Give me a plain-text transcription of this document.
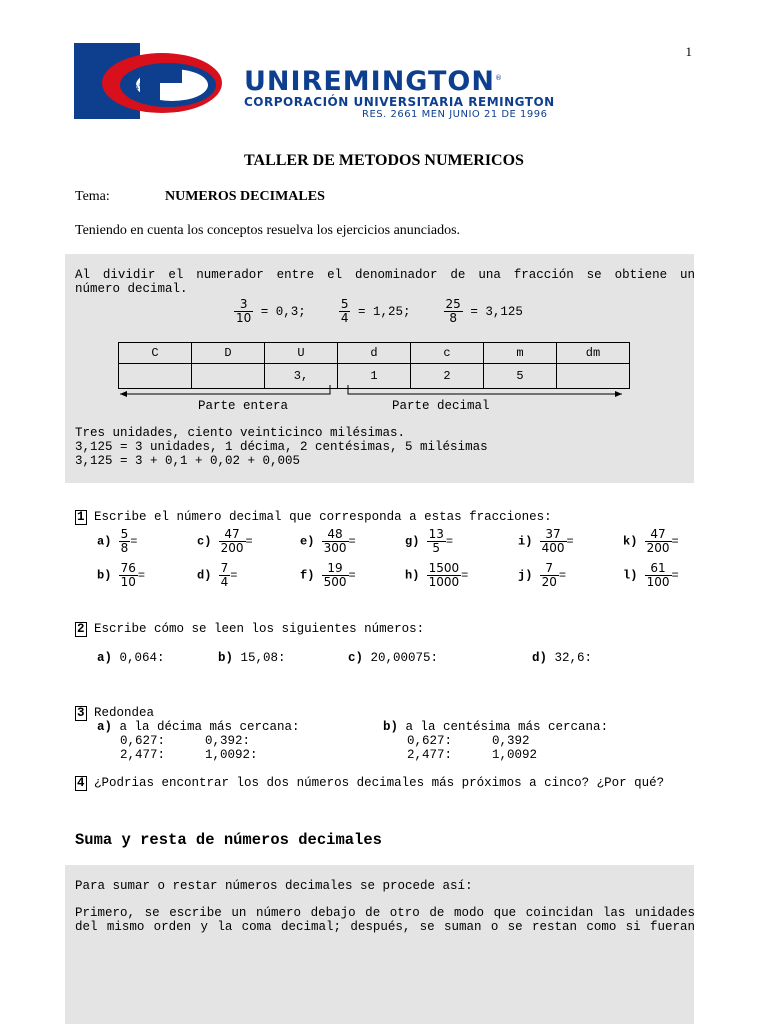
1
1915	UNIREMINGTON®
CORPORACIÓN UNIVERSITARIA REMINGTON
RES. 2661 MEN JUNIO 21 DE 1996
TALLER DE METODOS NUMERICOS
Tema:	NUMEROS DECIMALES
Teniendo en cuenta los conceptos resuelva los ejercicios anunciados.
Al dividir el numerador entre el denominador de una fracción se obtiene un
número decimal.
$\frac{3}{10} = 0,3$;	$\frac{5}{4} = 1,25$;	$\frac{25}{8} = 3,125$
C	D	U	d	c	m	dm
		3,	1	2	5	
Parte entera	Parte decimal
Tres unidades, ciento veinticinco milésimas.
3,125 = 3 unidades, 1 décima, 2 centésimas, 5 milésimas
3,125 = 3 + 0,1 + 0,02 + 0,005
1 Escribe el número decimal que corresponda a estas fracciones:
$a) \frac{5}{8}$ =	$c) \frac{47}{200}$ =	$e) \frac{48}{300}$ =	$g) \frac{13}{5}$ =	$i) \frac{37}{400}$ =	$k) \frac{47}{200}$ =
$b) \frac{76}{10}$ =	$d) \frac{7}{4}$ =	$f) \frac{19}{500}$ =	$h) \frac{1500}{1000}$ =	$j) \frac{7}{20}$ =	$l) \frac{61}{100}$ =
2 Escribe cómo se leen los siguientes números:
a) 0,064:	b) 15,08:	c) 20,00075:	d) 32,6:
3 Redondea
a) a la décima más cercana:
0,627:	0,392:
2,477:	1,0092:
b) a la centésima más cercana:
0,627:	0,392
2,477:	1,0092
4 ¿Podrias encontrar los dos números decimales más próximos a cinco? ¿Por qué?
Suma y resta de números decimales
Para sumar o restar números decimales se procede así:
Primero, se escribe un número debajo de otro de modo que coincidan las unidades
del mismo orden y la coma decimal; después, se suman o se restan como si fueran
